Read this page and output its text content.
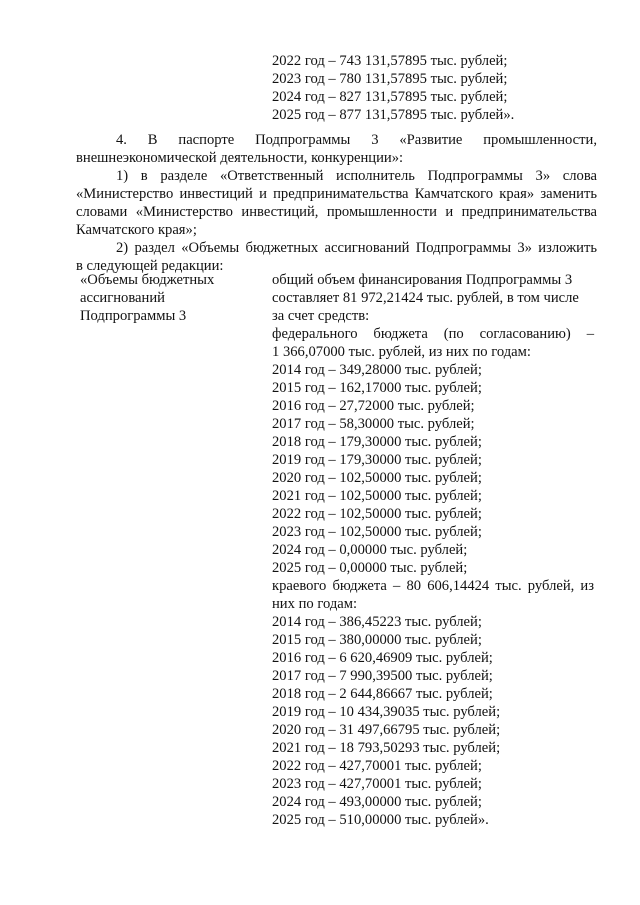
2022 год – 743 131,57895 тыс. рублей;
2023 год – 780 131,57895 тыс. рублей;
2024 год – 827 131,57895 тыс. рублей;
2025 год – 877 131,57895 тыс. рублей».
4. В паспорте Подпрограммы 3 «Развитие промышленности,
внешнеэкономической деятельности, конкуренции»:
1) в разделе «Ответственный исполнитель Подпрограммы 3» слова
«Министерство инвестиций и предпринимательства Камчатского края» заменить
словами «Министерство инвестиций, промышленности и предпринимательства
Камчатского края»;
2) раздел «Объемы бюджетных ассигнований Подпрограммы 3» изложить
в следующей редакции:
«Объемы бюджетных
ассигнований
Подпрограммы 3
общий объем финансирования Подпрограммы 3
составляет 81 972,21424 тыс. рублей, в том числе
за счет средств:
федерального бюджета (по согласованию) –
1 366,07000 тыс. рублей, из них по годам:
2014 год – 349,28000 тыс. рублей;
2015 год – 162,17000 тыс. рублей;
2016 год – 27,72000 тыс. рублей;
2017 год – 58,30000 тыс. рублей;
2018 год – 179,30000 тыс. рублей;
2019 год – 179,30000 тыс. рублей;
2020 год – 102,50000 тыс. рублей;
2021 год – 102,50000 тыс. рублей;
2022 год – 102,50000 тыс. рублей;
2023 год – 102,50000 тыс. рублей;
2024 год – 0,00000 тыс. рублей;
2025 год – 0,00000 тыс. рублей;
краевого бюджета – 80 606,14424 тыс. рублей, из
них по годам:
2014 год – 386,45223 тыс. рублей;
2015 год – 380,00000 тыс. рублей;
2016 год – 6 620,46909 тыс. рублей;
2017 год – 7 990,39500 тыс. рублей;
2018 год – 2 644,86667 тыс. рублей;
2019 год – 10 434,39035 тыс. рублей;
2020 год – 31 497,66795 тыс. рублей;
2021 год – 18 793,50293 тыс. рублей;
2022 год – 427,70001 тыс. рублей;
2023 год – 427,70001 тыс. рублей;
2024 год – 493,00000 тыс. рублей;
2025 год – 510,00000 тыс. рублей».
